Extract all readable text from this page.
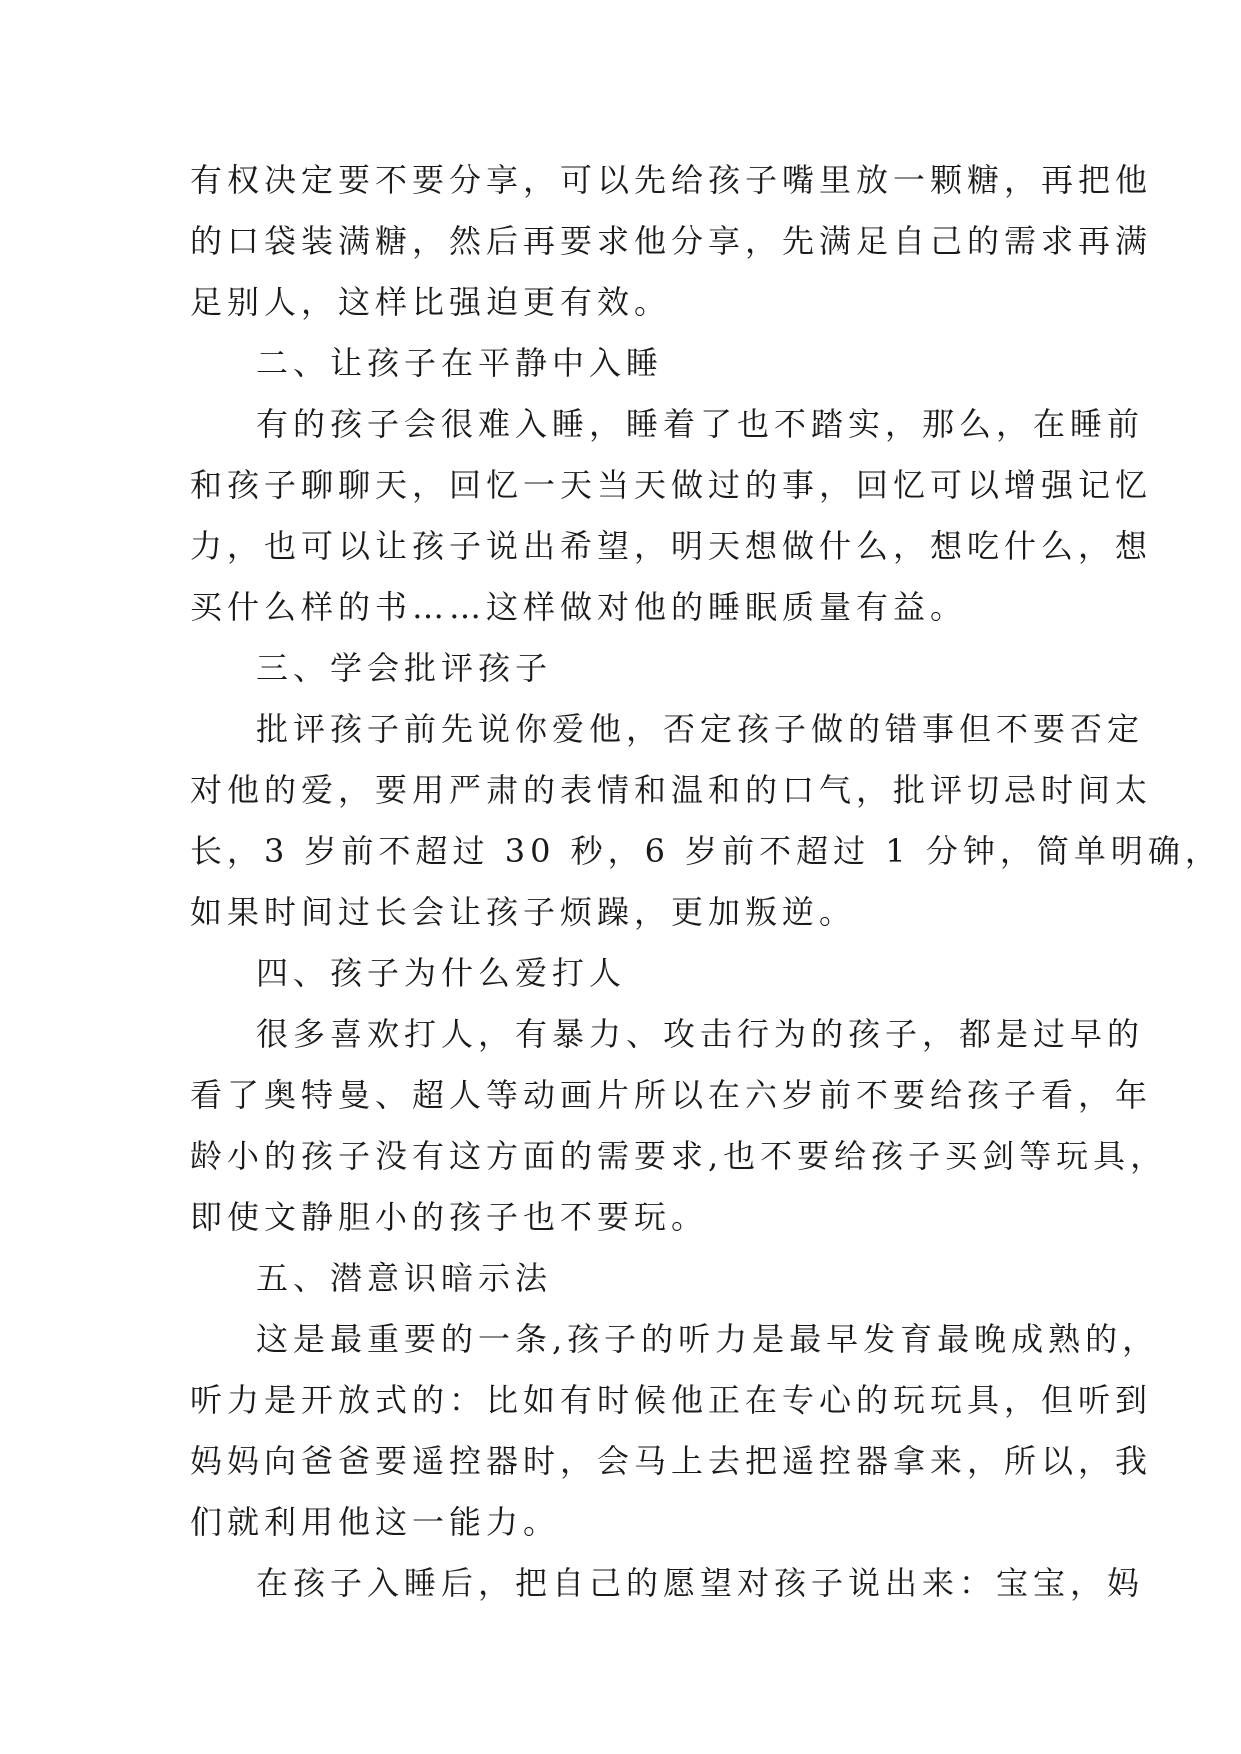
有权决定要不要分享，可以先给孩子嘴里放一颗糖，再把他
的口袋装满糖，然后再要求他分享，先满足自己的需求再满
足别人，这样比强迫更有效。
二、让孩子在平静中入睡
有的孩子会很难入睡，睡着了也不踏实，那么，在睡前
和孩子聊聊天，回忆一天当天做过的事，回忆可以增强记忆
力，也可以让孩子说出希望，明天想做什么，想吃什么，想
买什么样的书……这样做对他的睡眠质量有益。
三、学会批评孩子
批评孩子前先说你爱他，否定孩子做的错事但不要否定
对他的爱，要用严肃的表情和温和的口气，批评切忌时间太
长，3 岁前不超过 30 秒，6 岁前不超过 1 分钟，简单明确，
如果时间过长会让孩子烦躁，更加叛逆。
四、孩子为什么爱打人
很多喜欢打人，有暴力、攻击行为的孩子，都是过早的
看了奥特曼、超人等动画片所以在六岁前不要给孩子看，年
龄小的孩子没有这方面的需要求,也不要给孩子买剑等玩具，
即使文静胆小的孩子也不要玩。
五、潜意识暗示法
这是最重要的一条,孩子的听力是最早发育最晚成熟的，
听力是开放式的：比如有时候他正在专心的玩玩具，但听到
妈妈向爸爸要遥控器时，会马上去把遥控器拿来，所以，我
们就利用他这一能力。
在孩子入睡后，把自己的愿望对孩子说出来：宝宝，妈
